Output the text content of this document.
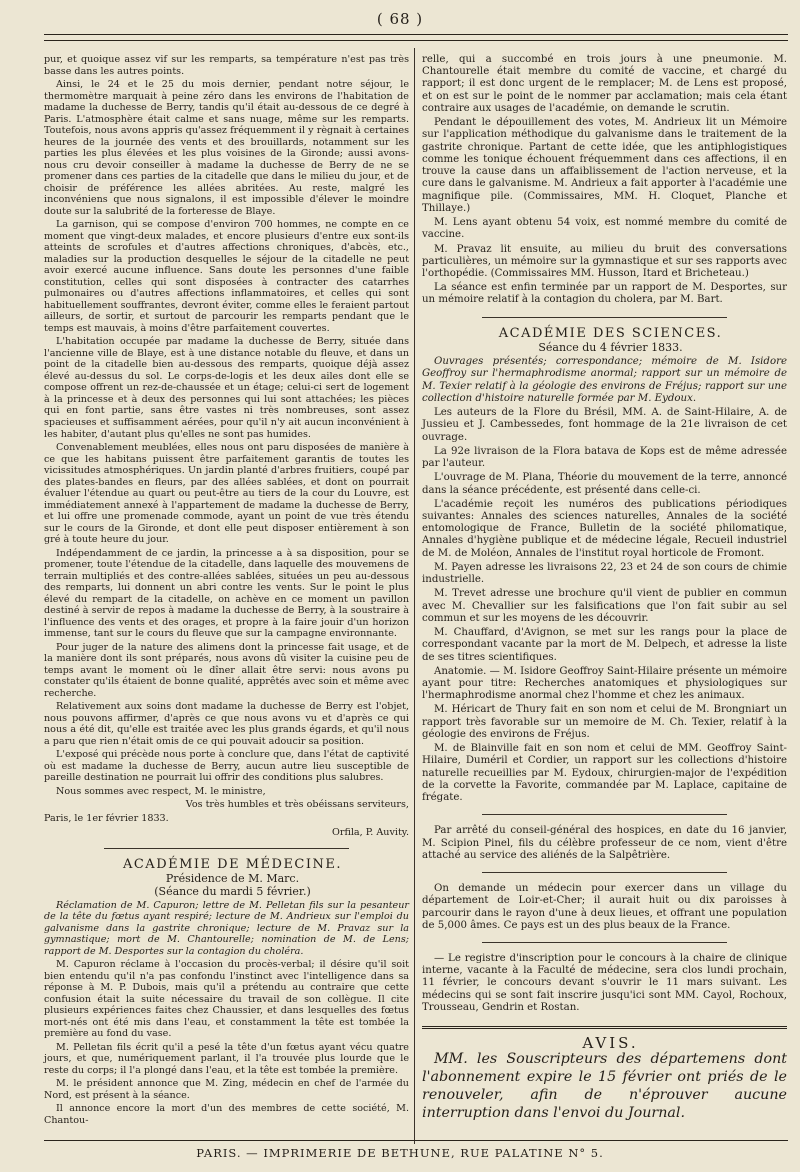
( 68 )

pur, et quoique assez vif sur les remparts, sa température n'est pas très basse dans les autres points.

Ainsi, le 24 et le 25 du mois dernier, pendant notre séjour, le thermomètre marquait à peine zéro dans les environs de l'habitation de madame la duchesse de Berry, tandis qu'il était au-dessous de ce degré à Paris. L'atmosphère était calme et sans nuage, même sur les remparts. Toutefois, nous avons appris qu'assez fréquemment il y règnait à certaines heures de la journée des vents et des brouillards, notamment sur les parties les plus élevées et les plus voisines de la Gironde; aussi avons-nous cru devoir conseiller à madame la duchesse de Berry de ne se promener dans ces parties de la citadelle que dans le milieu du jour, et de choisir de préférence les allées abritées. Au reste, malgré les inconvéniens que nous signalons, il est impossible d'élever le moindre doute sur la salubrité de la forteresse de Blaye.

La garnison, qui se compose d'environ 700 hommes, ne compte en ce moment que vingt-deux malades, et encore plusieurs d'entre eux sont-ils atteints de scrofules et d'autres affections chroniques, d'abcès, etc., maladies sur la production desquelles le séjour de la citadelle ne peut avoir exercé aucune influence. Sans doute les personnes d'une faible constitution, celles qui sont disposées à contracter des catarrhes pulmonaires ou d'autres affections inflammatoires, et celles qui sont habituellement souffrantes, devront éviter, comme elles le feraient partout ailleurs, de sortir, et surtout de parcourir les remparts pendant que le temps est mauvais, à moins d'être parfaitement couvertes.

L'habitation occupée par madame la duchesse de Berry, située dans l'ancienne ville de Blaye, est à une distance notable du fleuve, et dans un point de la citadelle bien au-dessous des remparts, quoique déjà assez élevé au-dessus du sol. Le corps-de-logis et les deux ailes dont elle se compose offrent un rez-de-chaussée et un étage; celui-ci sert de logement à la princesse et à deux des personnes qui lui sont attachées; les pièces qui en font partie, sans être vastes ni très nombreuses, sont assez spacieuses et suffisamment aérées, pour qu'il n'y ait aucun inconvénient à les habiter, d'autant plus qu'elles ne sont pas humides.

Convenablement meublées, elles nous ont paru disposées de manière à ce que les habitans puissent être parfaitement garantis de toutes les vicissitudes atmosphériques. Un jardin planté d'arbres fruitiers, coupé par des plates-bandes en fleurs, par des allées sablées, et dont on pourrait évaluer l'étendue au quart ou peut-être au tiers de la cour du Louvre, est immédiatement annexé à l'appartement de madame la duchesse de Berry, et lui offre une promenade commode, ayant un point de vue très étendu sur le cours de la Gironde, et dont elle peut disposer entièrement à son gré à toute heure du jour.

Indépendamment de ce jardin, la princesse a à sa disposition, pour se promener, toute l'étendue de la citadelle, dans laquelle des mouvemens de terrain multipliés et des contre-allées sablées, situées un peu au-dessous des remparts, lui donnent un abri contre les vents. Sur le point le plus élevé du rempart de la citadelle, on achève en ce moment un pavillon destiné à servir de repos à madame la duchesse de Berry, à la soustraire à l'influence des vents et des orages, et propre à la faire jouir d'un horizon immense, tant sur le cours du fleuve que sur la campagne environnante.

Pour juger de la nature des alimens dont la princesse fait usage, et de la manière dont ils sont préparés, nous avons dû visiter la cuisine peu de temps avant le moment où le dîner allait être servi: nous avons pu constater qu'ils étaient de bonne qualité, apprêtés avec soin et même avec recherche.

Relativement aux soins dont madame la duchesse de Berry est l'objet, nous pouvons affirmer, d'après ce que nous avons vu et d'après ce qui nous a été dit, qu'elle est traitée avec les plus grands égards, et qu'il nous a paru que rien n'était omis de ce qui pouvait adoucir sa position.

L'exposé qui précède nous porte à conclure que, dans l'état de captivité où est madame la duchesse de Berry, aucun autre lieu susceptible de pareille destination ne pourrait lui offrir des conditions plus salubres.

Nous sommes avec respect, M. le ministre,

Vos très humbles et très obéissans serviteurs,

Paris, le 1er février 1833.

Orfila, P. Auvity.

ACADÉMIE DE MÉDECINE.

Présidence de M. Marc.

(Séance du mardi 5 février.)

Réclamation de M. Capuron; lettre de M. Pelletan fils sur la pesanteur de la tête du fœtus ayant respiré; lecture de M. Andrieux sur l'emploi du galvanisme dans la gastrite chronique; lecture de M. Pravaz sur la gymnastique; mort de M. Chantourelle; nomination de M. de Lens; rapport de M. Desportes sur la contagion du choléra.

M. Capuron réclame à l'occasion du procès-verbal; il désire qu'il soit bien entendu qu'il n'a pas confondu l'instinct avec l'intelligence dans sa réponse à M. P. Dubois, mais qu'il a prétendu au contraire que cette confusion était la suite nécessaire du travail de son collègue. Il cite plusieurs expériences faites chez Chaussier, et dans lesquelles des fœtus mort-nés ont été mis dans l'eau, et constamment la tête est tombée la première au fond du vase.

M. Pelletan fils écrit qu'il a pesé la tête d'un fœtus ayant vécu quatre jours, et que, numériquement parlant, il l'a trouvée plus lourde que le reste du corps; il l'a plongé dans l'eau, et la tête est tombée la première.

M. le président annonce que M. Zing, médecin en chef de l'armée du Nord, est présent à la séance.

Il annonce encore la mort d'un des membres de cette société, M. Chantou-

relle, qui a succombé en trois jours à une pneumonie. M. Chantourelle était membre du comité de vaccine, et chargé du rapport; il est donc urgent de le remplacer; M. de Lens est proposé, et on est sur le point de le nommer par acclamation; mais cela étant contraire aux usages de l'académie, on demande le scrutin.

Pendant le dépouillement des votes, M. Andrieux lit un Mémoire sur l'application méthodique du galvanisme dans le traitement de la gastrite chronique. Partant de cette idée, que les antiphlogistiques comme les tonique échouent fréquemment dans ces affections, il en trouve la cause dans un affaiblissement de l'action nerveuse, et la cure dans le galvanisme. M. Andrieux a fait apporter à l'académie une magnifique pile. (Commissaires, MM. H. Cloquet, Planche et Thillaye.)

M. Lens ayant obtenu 54 voix, est nommé membre du comité de vaccine.

M. Pravaz lit ensuite, au milieu du bruit des conversations particulières, un mémoire sur la gymnastique et sur ses rapports avec l'orthopédie. (Commissaires MM. Husson, Itard et Bricheteau.)

La séance est enfin terminée par un rapport de M. Desportes, sur un mémoire relatif à la contagion du cholera, par M. Bart.

ACADÉMIE DES SCIENCES.

Séance du 4 février 1833.

Ouvrages présentés; correspondance; mémoire de M. Isidore Geoffroy sur l'hermaphrodisme anormal; rapport sur un mémoire de M. Texier relatif à la géologie des environs de Fréjus; rapport sur une collection d'histoire naturelle formée par M. Eydoux.

Les auteurs de la Flore du Brésil, MM. A. de Saint-Hilaire, A. de Jussieu et J. Cambessedes, font hommage de la 21e livraison de cet ouvrage.

La 92e livraison de la Flora batava de Kops est de même adressée par l'auteur.

L'ouvrage de M. Plana, Théorie du mouvement de la terre, annoncé dans la séance précédente, est présenté dans celle-ci.

L'académie reçoit les numéros des publications périodiques suivantes: Annales des sciences naturelles, Annales de la société entomologique de France, Bulletin de la société philomatique, Annales d'hygiène publique et de médecine légale, Recueil industriel de M. de Moléon, Annales de l'institut royal horticole de Fromont.

M. Payen adresse les livraisons 22, 23 et 24 de son cours de chimie industrielle.

M. Trevet adresse une brochure qu'il vient de publier en commun avec M. Chevallier sur les falsifications que l'on fait subir au sel commun et sur les moyens de les découvrir.

M. Chauffard, d'Avignon, se met sur les rangs pour la place de correspondant vacante par la mort de M. Delpech, et adresse la liste de ses titres scientifiques.

Anatomie. — M. Isidore Geoffroy Saint-Hilaire présente un mémoire ayant pour titre: Recherches anatomiques et physiologiques sur l'hermaphrodisme anormal chez l'homme et chez les animaux.

M. Héricart de Thury fait en son nom et celui de M. Brongniart un rapport très favorable sur un memoire de M. Ch. Texier, relatif à la géologie des environs de Fréjus.

M. de Blainville fait en son nom et celui de MM. Geoffroy Saint-Hilaire, Duméril et Cordier, un rapport sur les collections d'histoire naturelle recueillies par M. Eydoux, chirurgien-major de l'expédition de la corvette la Favorite, commandée par M. Laplace, capitaine de frégate.

Par arrêté du conseil-général des hospices, en date du 16 janvier, M. Scipion Pinel, fils du célèbre professeur de ce nom, vient d'être attaché au service des aliénés de la Salpêtrière.

On demande un médecin pour exercer dans un village du département de Loir-et-Cher; il aurait huit ou dix paroisses à parcourir dans le rayon d'une à deux lieues, et offrant une population de 5,000 âmes. Ce pays est un des plus beaux de la France.

— Le registre d'inscription pour le concours à la chaire de clinique interne, vacante à la Faculté de médecine, sera clos lundi prochain, 11 février, le concours devant s'ouvrir le 11 mars suivant. Les médecins qui se sont fait inscrire jusqu'ici sont MM. Cayol, Rochoux, Trousseau, Gendrin et Rostan.

AVIS.

MM. les Souscripteurs des départemens dont l'abonnement expire le 15 février ont priés de le renouveler, afin de n'éprouver aucune interruption dans l'envoi du Journal.

PARIS. — IMPRIMERIE DE BETHUNE, RUE PALATINE N° 5.
